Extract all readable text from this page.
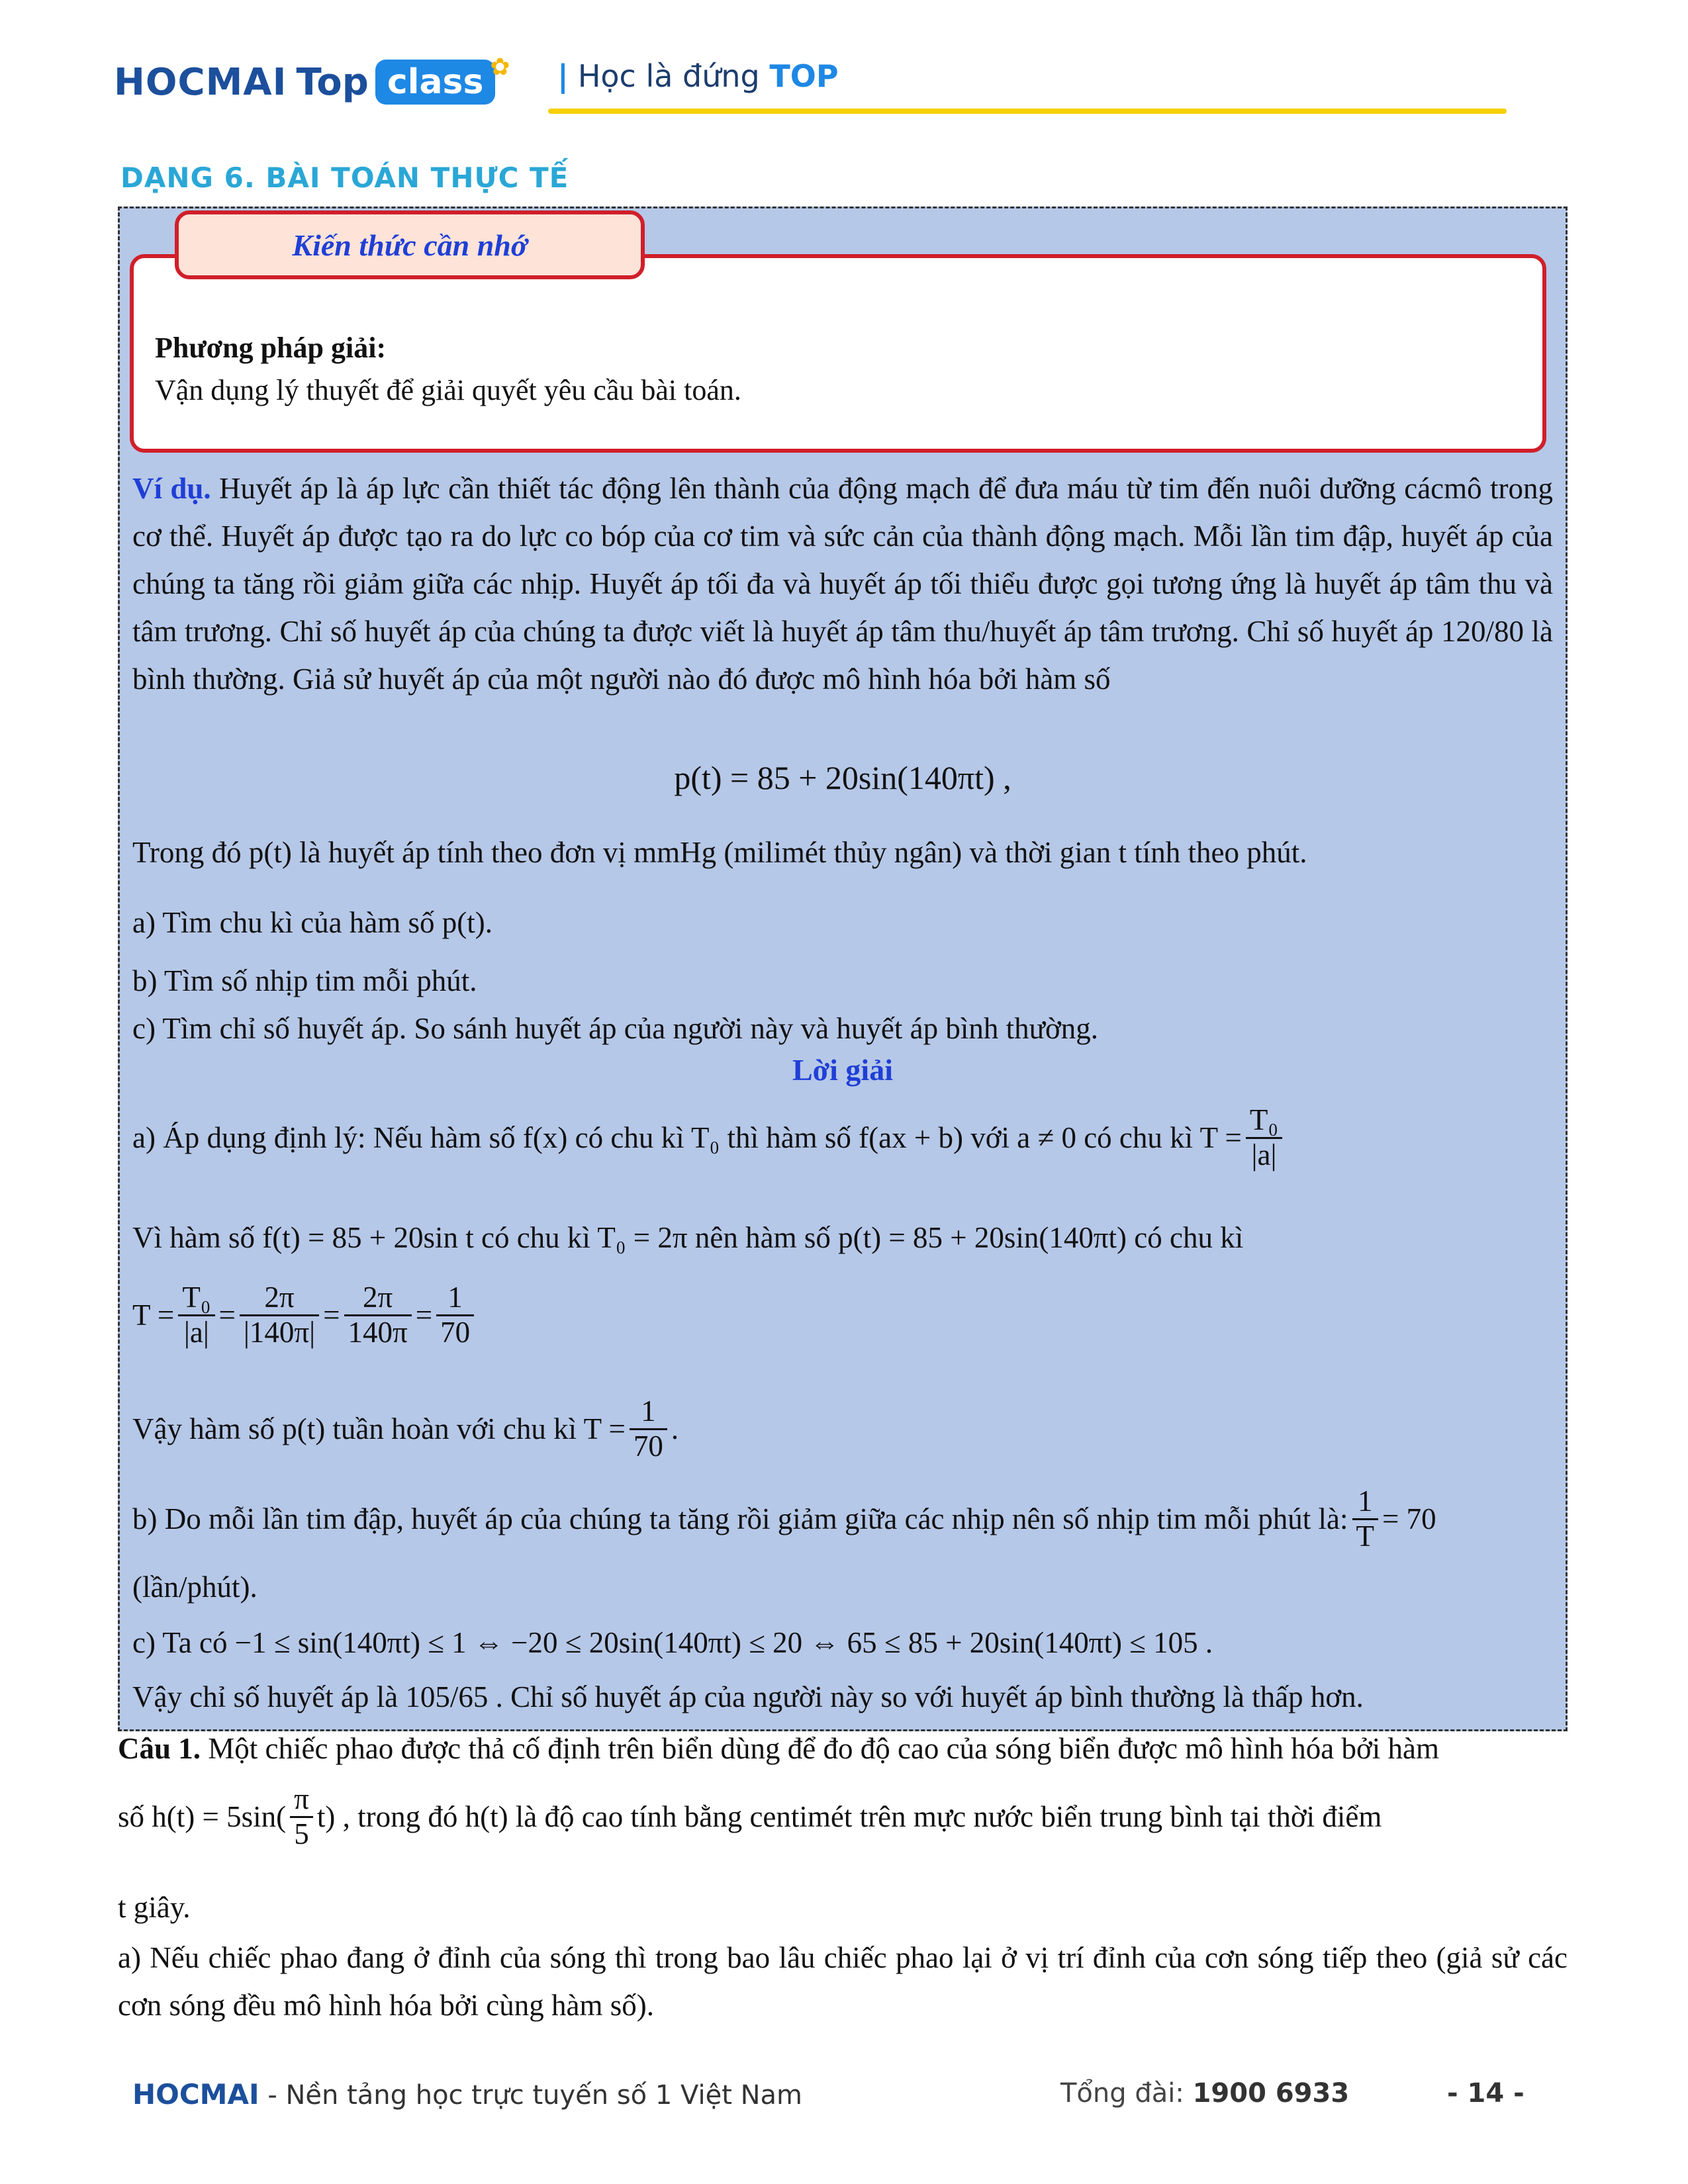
HOCMAI Top class ✿ | Học là đứng TOP
DẠNG 6. BÀI TOÁN THỰC TẾ
Kiến thức cần nhớ
Phương pháp giải:
Vận dụng lý thuyết để giải quyết yêu cầu bài toán.
Ví dụ. Huyết áp là áp lực cần thiết tác động lên thành của động mạch để đưa máu từ tim đến nuôi dưỡng cácmô trong cơ thể. Huyết áp được tạo ra do lực co bóp của cơ tim và sức cản của thành động mạch. Mỗi lần tim đập, huyết áp của chúng ta tăng rồi giảm giữa các nhịp. Huyết áp tối đa và huyết áp tối thiểu được gọi tương ứng là huyết áp tâm thu và tâm trương. Chỉ số huyết áp của chúng ta được viết là huyết áp tâm thu/huyết áp tâm trương. Chỉ số huyết áp 120/80 là bình thường. Giả sử huyết áp của một người nào đó được mô hình hóa bởi hàm số
p(t) = 85 + 20sin(140πt) ,
Trong đó p(t) là huyết áp tính theo đơn vị mmHg (milimét thủy ngân) và thời gian t tính theo phút.
a) Tìm chu kì của hàm số p(t).
b) Tìm số nhịp tim mỗi phút.
c) Tìm chỉ số huyết áp. So sánh huyết áp của người này và huyết áp bình thường.
Lời giải
a) Áp dụng định lý: Nếu hàm số f(x) có chu kì T₀ thì hàm số f(ax + b) với a ≠ 0 có chu kì $T = \frac{\text{T₀}}{|a|}$
Vì hàm số f(t) = 85 + 20sin t có chu kì T₀ = 2π nên hàm số p(t) = 85 + 20sin(140πt) có chu kì
$T = \frac{\text{T₀}}{|a|} = \frac{2\pi}{|140\pi|} = \frac{2\pi}{140\pi} = \frac{1}{70}$
Vậy hàm số p(t) tuần hoàn với chu kì $T = \frac{1}{70}$ .
b) Do mỗi lần tim đập, huyết áp của chúng ta tăng rồi giảm giữa các nhịp nên số nhịp tim mỗi phút là: $\frac{1}{T} = 70$
(lần/phút).
c) Ta có −1 ≤ sin(140πt) ≤ 1 ⇔ −20 ≤ 20sin(140πt) ≤ 20 ⇔ 65 ≤ 85 + 20sin(140πt) ≤ 105 .
Vậy chỉ số huyết áp là 105/65 . Chỉ số huyết áp của người này so với huyết áp bình thường là thấp hơn.
Câu 1. Một chiếc phao được thả cố định trên biển dùng để đo độ cao của sóng biển được mô hình hóa bởi hàm
số $h(t) = 5\sin( \frac{\pi}{5} t)$ , trong đó h(t) là độ cao tính bằng centimét trên mực nước biển trung bình tại thời điểm
t giây.
a) Nếu chiếc phao đang ở đỉnh của sóng thì trong bao lâu chiếc phao lại ở vị trí đỉnh của cơn sóng tiếp theo (giả sử các cơn sóng đều mô hình hóa bởi cùng hàm số).
HOCMAI - Nền tảng học trực tuyến số 1 Việt Nam	Tổng đài: 1900 6933	- 14 -
